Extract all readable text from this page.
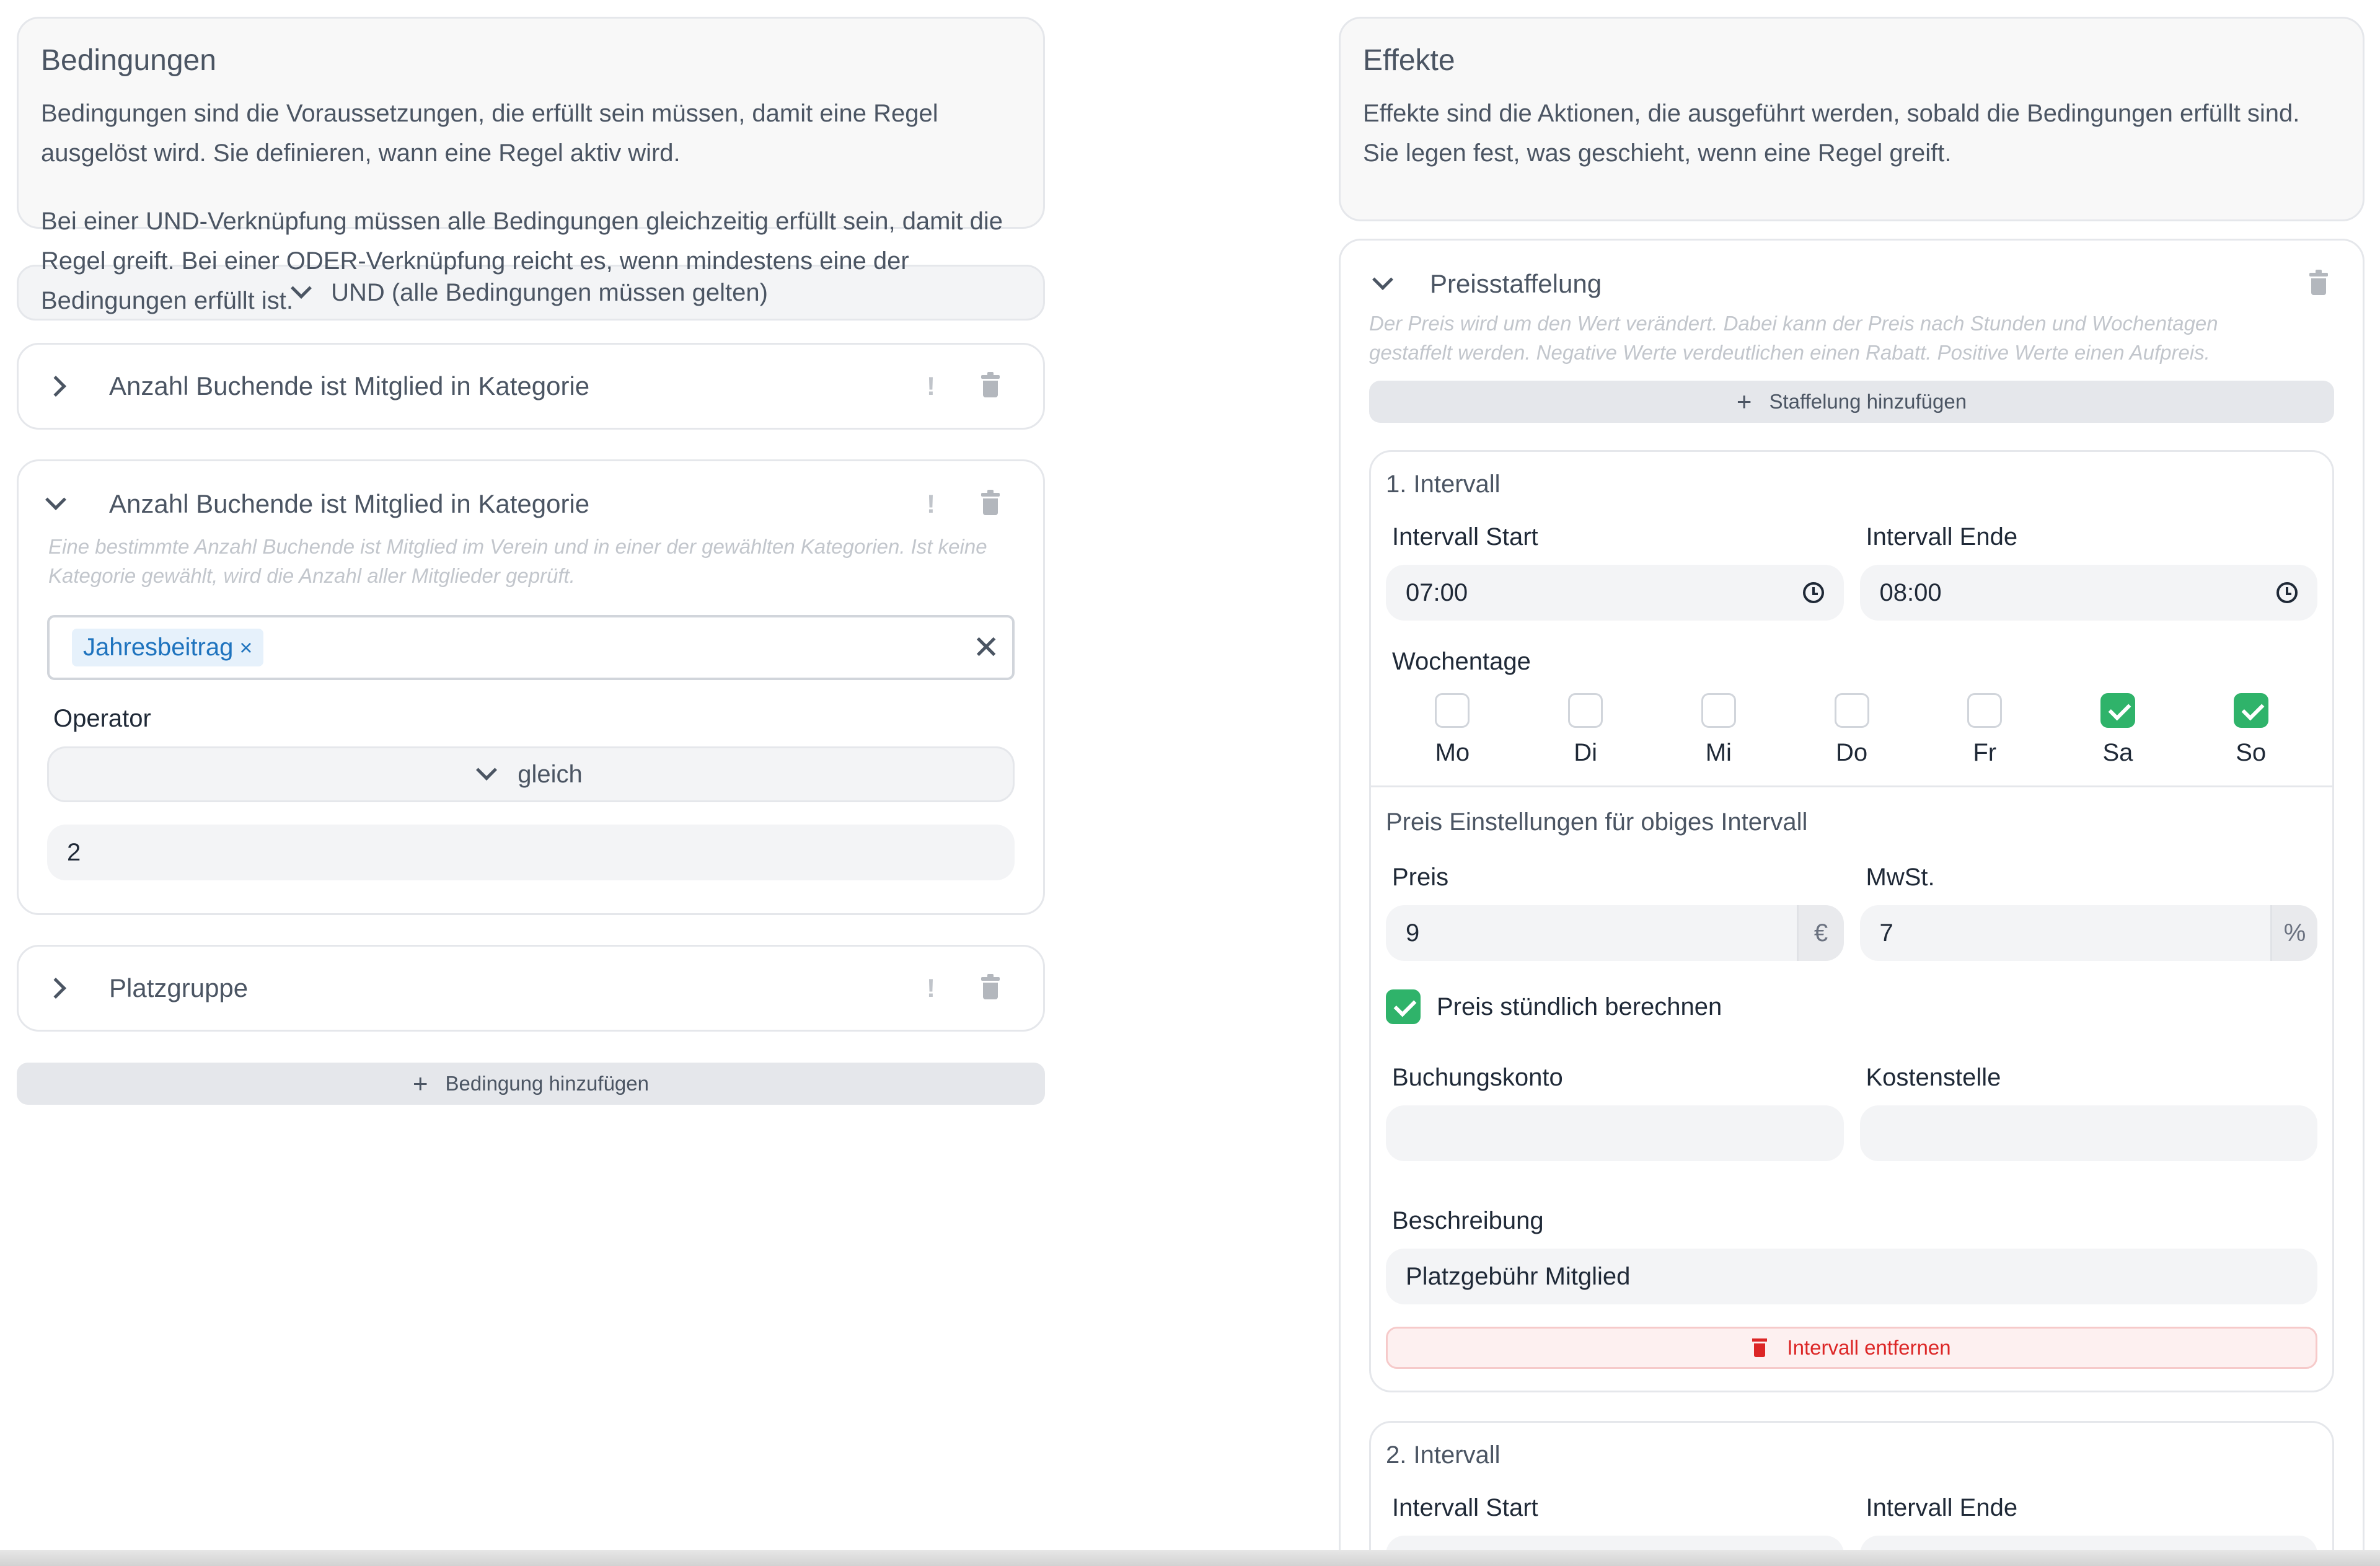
Bedingungen

Bedingungen sind die Voraussetzungen, die erfüllt sein müssen, damit eine Regel ausgelöst wird. Sie definieren, wann eine Regel aktiv wird.

Bei einer UND-Verknüpfung müssen alle Bedingungen gleichzeitig erfüllt sein, damit die Regel greift. Bei einer ODER-Verknüpfung reicht es, wenn mindestens eine der Bedingungen erfüllt ist.	UND (alle Bedingungen müssen gelten)
Anzahl Buchende ist Mitglied in Kategorie	!
Anzahl Buchende ist Mitglied in Kategorie	!

Eine bestimmte Anzahl Buchende ist Mitglied im Verein und in einer der gewählten Kategorien. Ist keine Kategorie gewählt, wird die Anzahl aller Mitglieder geprüft.

Jahresbeitrag ×	✕
Operator
gleich
2
Platzgruppe	!
+ Bedingung hinzufügen
Effekte

Effekte sind die Aktionen, die ausgeführt werden, sobald die Bedingungen erfüllt sind. Sie legen fest, was geschieht, wenn eine Regel greift.

Preisstaffelung

Der Preis wird um den Wert verändert. Dabei kann der Preis nach Stunden und Wochentagen gestaffelt werden. Negative Werte verdeutlichen einen Rabatt. Positive Werte einen Aufpreis.

+ Staffelung hinzufügen
1. Intervall
Intervall Start
07:00
Intervall Ende
08:00
Wochentage
Mo	Di	Mi	Do	Fr	Sa	So
Preis Einstellungen für obiges Intervall
Preis
9	€
MwSt.
7	%
Preis stündlich berechnen
Buchungskonto	Kostenstelle
Beschreibung
Platzgebühr Mitglied
Intervall entfernen
2. Intervall
Intervall Start	Intervall Ende
